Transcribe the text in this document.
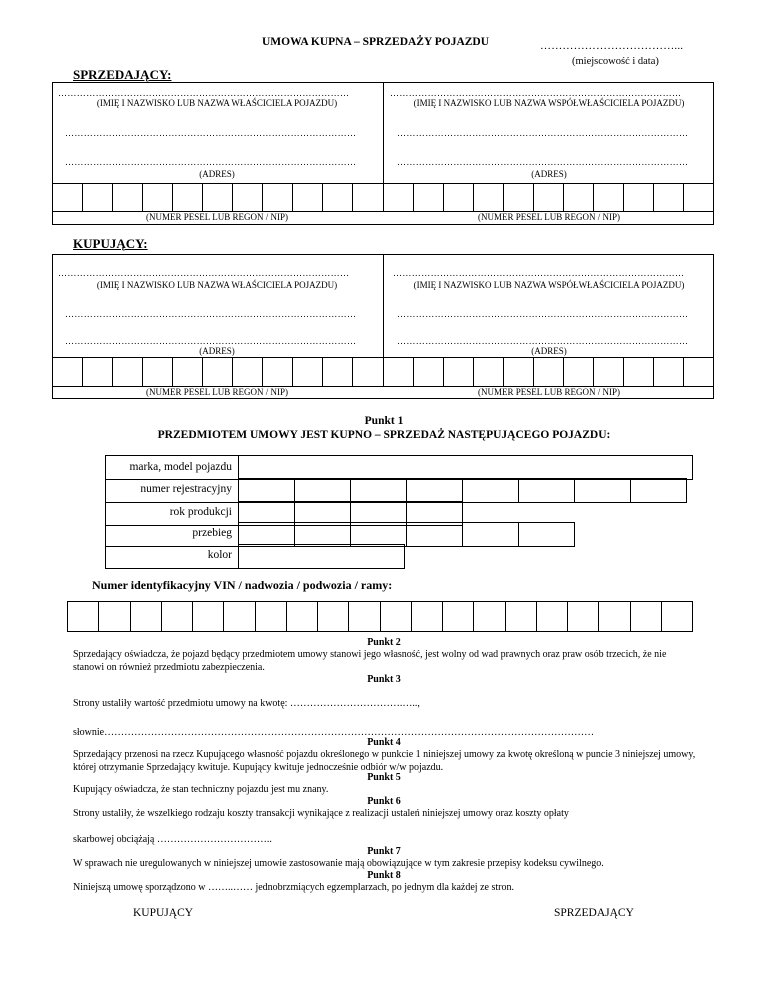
UMOWA KUPNA – SPRZEDAŻY POJAZDU	………………………………...
(miejscowość i data)
SPRZEDAJĄCY:
…………………………………………………………………………………
(IMIĘ I NAZWISKO LUB NAZWA WŁAŚCICIELA POJAZDU)
…………………………………………………………………………………
(IMIĘ I NAZWISKO LUB NAZWA WSPÓŁWŁAŚCICIELA POJAZDU)
…………………………………………………………………………………	…………………………………………………………………………………
…………………………………………………………………………………	…………………………………………………………………………………
(ADRES)	(ADRES)
(NUMER PESEL LUB REGON / NIP)	(NUMER PESEL LUB REGON / NIP)
KUPUJĄCY:
…………………………………………………………………………………
(IMIĘ I NAZWISKO LUB NAZWA WŁAŚCICIELA POJAZDU)
…………………………………………………………………………………
(IMIĘ I NAZWISKO LUB NAZWA WSPÓŁWŁAŚCICIELA POJAZDU)
…………………………………………………………………………………	…………………………………………………………………………………
…………………………………………………………………………………	…………………………………………………………………………………
(ADRES)	(ADRES)
(NUMER PESEL LUB REGON / NIP)	(NUMER PESEL LUB REGON / NIP)
Punkt 1
PRZEDMIOTEM UMOWY JEST KUPNO – SPRZEDAŻ NASTĘPUJĄCEGO POJAZDU:
marka, model pojazdu
numer rejestracyjny
rok produkcji
przebieg
kolor
Numer identyfikacyjny VIN / nadwozia / podwozia / ramy:
Punkt 2
Sprzedający oświadcza, że pojazd będący przedmiotem umowy stanowi jego własność, jest wolny od wad prawnych oraz praw osób trzecich, że nie stanowi on również przedmiotu zabezpieczenia.
Punkt 3
Strony ustaliły wartość przedmiotu umowy na kwotę: …………………………….…..,
słownie…………………………………………………………………………………………………………………………………
Punkt 4
Sprzedający przenosi na rzecz Kupującego własność pojazdu określonego w punkcie 1 niniejszej umowy za kwotę określoną w puncie 3 niniejszej umowy, której otrzymanie Sprzedający kwituje. Kupujący kwituje jednocześnie odbiór w/w pojazdu.
Punkt 5
Kupujący oświadcza, że stan techniczny pojazdu jest mu znany.
Punkt 6
Strony ustaliły, że wszelkiego rodzaju koszty transakcji wynikające z realizacji ustaleń niniejszej umowy oraz koszty opłaty
skarbowej obciążają ……………………………..
Punkt 7
W sprawach nie uregulowanych w niniejszej umowie zastosowanie mają obowiązujące w tym zakresie przepisy kodeksu cywilnego.
Punkt 8
Niniejszą umowę sporządzono w ……..…… jednobrzmiących egzemplarzach, po jednym dla każdej ze stron.
KUPUJĄCY	SPRZEDAJĄCY
